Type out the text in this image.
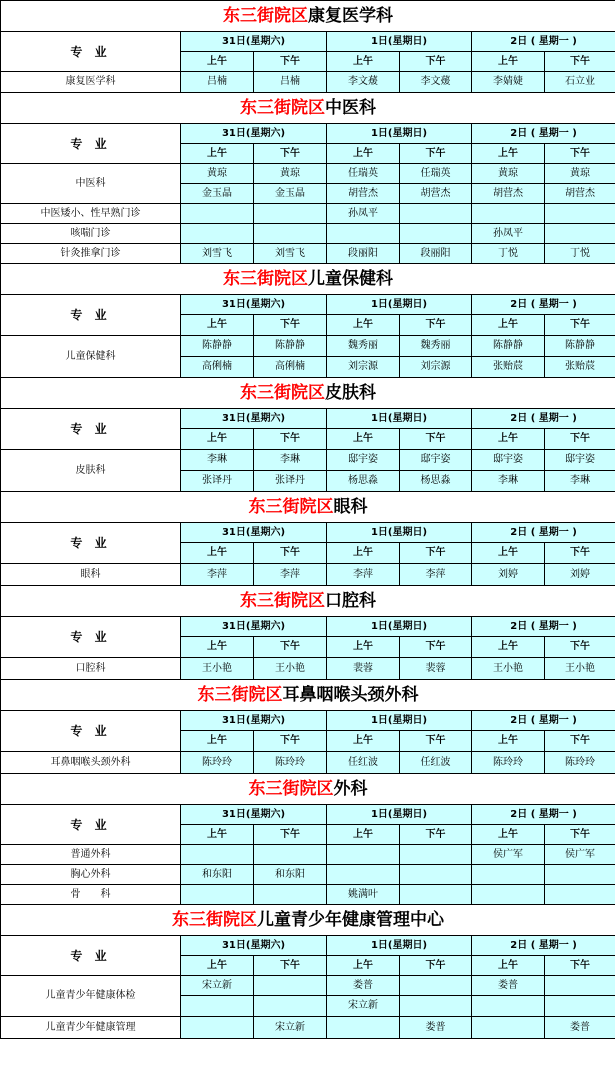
东三街院区康复医学科						
专 业	31日(星期六)		1日(星期日)		2日 ( 星期一 )	
	上午	下午	上午	下午	上午	下午
康复医学科	吕楠	吕楠	李文蕿	李文蕿	李婧婕	石立业
东三街院区中医科						
专 业	31日(星期六)		1日(星期日)		2日 ( 星期一 )	
	上午	下午	上午	下午	上午	下午
中医科	黄琼	黄琼	任瑞英	任瑞英	黄琼	黄琼
	金玉晶	金玉晶	胡营杰	胡营杰	胡营杰	胡营杰
中医矮小、性早熟门诊			孙凤平			
咳喘门诊					孙凤平	
针灸推拿门诊	刘雪飞	刘雪飞	段丽阳	段丽阳	丁悦	丁悦
东三街院区儿童保健科						
专 业	31日(星期六)		1日(星期日)		2日 ( 星期一 )	
	上午	下午	上午	下午	上午	下午
儿童保健科	陈静静	陈静静	魏秀丽	魏秀丽	陈静静	陈静静
	高俐楠	高俐楠	刘宗源	刘宗源	张贻莀	张贻莀
东三街院区皮肤科						
专 业	31日(星期六)		1日(星期日)		2日 ( 星期一 )	
	上午	下午	上午	下午	上午	下午
皮肤科	李琳	李琳	邸宇姿	邸宇姿	邸宇姿	邸宇姿
	张译丹	张译丹	杨思淼	杨思淼	李琳	李琳
东三街院区眼科						
专 业	31日(星期六)		1日(星期日)		2日 ( 星期一 )	
	上午	下午	上午	下午	上午	下午
眼科	李萍	李萍	李萍	李萍	刘婷	刘婷
东三街院区口腔科						
专 业	31日(星期六)		1日(星期日)		2日 ( 星期一 )	
	上午	下午	上午	下午	上午	下午
口腔科	王小艳	王小艳	裴蓉	裴蓉	王小艳	王小艳
东三街院区耳鼻咽喉头颈外科						
专 业	31日(星期六)		1日(星期日)		2日 ( 星期一 )	
	上午	下午	上午	下午	上午	下午
耳鼻咽喉头颈外科	陈玲玲	陈玲玲	任红波	任红波	陈玲玲	陈玲玲
东三街院区外科						
专 业	31日(星期六)		1日(星期日)		2日 ( 星期一 )	
	上午	下午	上午	下午	上午	下午
普通外科					侯广军	侯广军
胸心外科	和东阳	和东阳				
骨　　科			姚满叶			
东三街院区儿童青少年健康管理中心						
专 业	31日(星期六)		1日(星期日)		2日 ( 星期一 )	
	上午	下午	上午	下午	上午	下午
儿童青少年健康体检	宋立新		娄普		娄普	
			宋立新			
儿童青少年健康管理		宋立新		娄普		娄普
